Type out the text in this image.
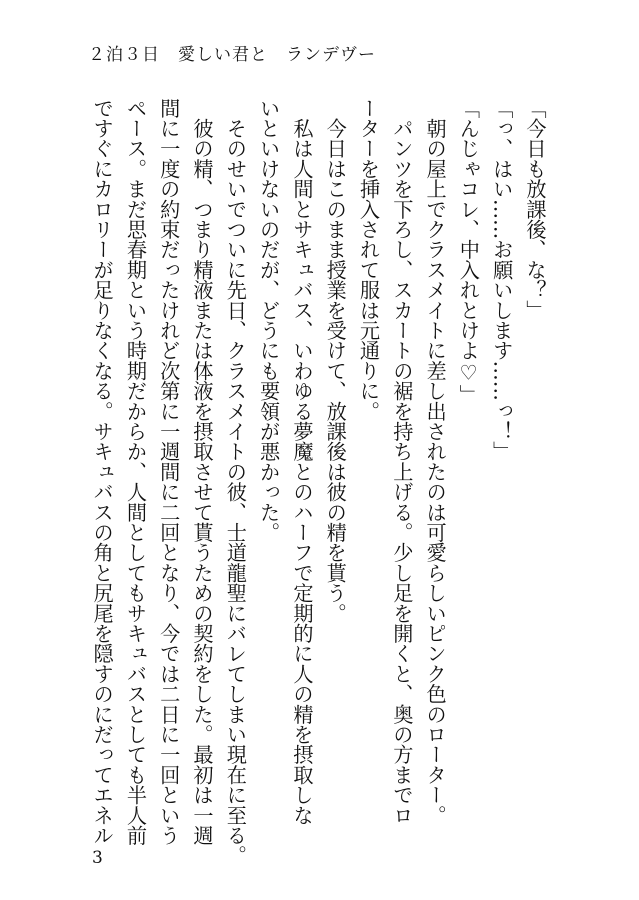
２泊３日　愛しい君と　ランデヴー

「今日も放課後、な？」

「っ、はい……お願いします……っ！」

「んじゃコレ、中入れとけよ♡」

　朝の屋上でクラスメイトに差し出されたのは可愛らしいピンク色のローター。

　パンツを下ろし、スカートの裾を持ち上げる。少し足を開くと、奥の方までロ

ーターを挿入されて服は元通りに。

　今日はこのまま授業を受けて、放課後は彼の精を貰う。

　私は人間とサキュバス、いわゆる夢魔とのハーフで定期的に人の精を摂取しな

いといけないのだが、どうにも要領が悪かった。

　そのせいでついに先日、クラスメイトの彼、士道龍聖にバレてしまい現在に至る。

　彼の精、つまり精液または体液を摂取させて貰うための契約をした。最初は一週

間に一度の約束だったけれど次第に一週間に二回となり、今では二日に一回という

ペース。まだ思春期という時期だからか、人間としてもサキュバスとしても半人前

ですぐにカロリーが足りなくなる。サキュバスの角と尻尾を隠すのにだってエネル

3
